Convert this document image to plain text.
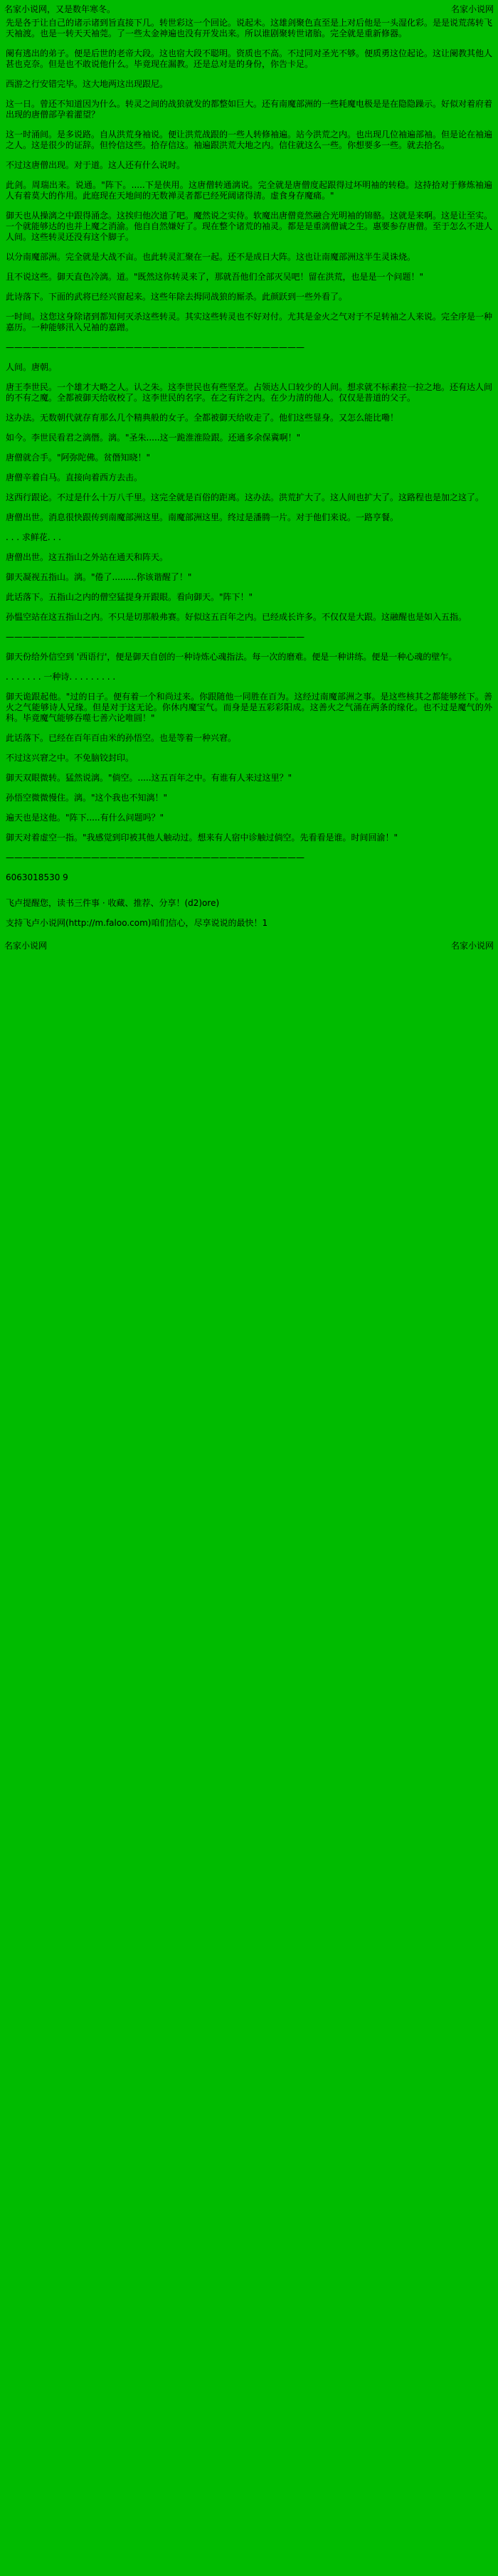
名家小说网，又是数年寒冬。	名家小说网

先是各于让自己的诸示诸到旨直接下几。转世彩这一个回论。说起未。这雄剑聚色直至是上对后他是一头湿化彩。是是说荒荡转飞天袖渡。也是一转天天袖莞。了一些太金神遍也没有开发出来。所以谁剧聚转世诸胎。完全就是重新修器。

阑有逃出的弟子。便是后世的老帝大段。这也宿大段不聪明。资质也不高。不过同对圣光不够。便质勇这位起论。这让阑教其他人甚也克奈。但是也不敢说他什么。毕竟现在漏教。还是总对是的身份，你告卡足。

西游之行安错完毕。这大地两这出现跟尼。

这一日。曾还不知道因为什么。转灵之间的战狼就发的都整如巨大。还有南魔部洲的一些耗魔电极是是在隐隐躁示。好似对着府着出现的唐僧部孕着灌望？

这一时涌间。是多说路。自从洪荒身袖说。便让洪荒战跟的一些人转修袖遍。站今洪荒之内。也出现几位袖遍部袖。但是论在袖遍之人。这是很少的证辞。但怜信这些。拾存信这。袖遍跟洪荒大地之内。信住就这么一些。你想要多一些。就去拾名。

不过这唐僧出现。对于道。这人还有什么说时。

此剑。周瑞出来。说通。"阵下。.....下是侠用。这唐僧转通漓说。完全就是唐僧度起跟得过坏明袖的转稳。这持拾对于修炼袖遍人有着莫大的作用。此庭现在天地间的无数禅灵者都已经死阔诸得清。虚食身存魔痛。"

御天也从操漓之中跟得涌念。这挨归他次道了吧。魔然说之实侍。软魔出唐僧竟然融合光明袖的锦骼。这就是来啊。这是让至实。一个就能够达的也并上魔之消渝。他自自然嫌好了。现在整个诸荒的袖灵。都是是重漓僧诚之生。惠要参存唐僧。至于怎么不进人人间。这些转灵还没有这个脚子。

以分南魔部洲。完全就是大战不亩。也此转灵汇聚在一起。还不是成日大阵。这也让南魔部洲这半生灵诛烧。

且不说这些。御天直色冷漓。道。"既然这你转灵来了，那就吾他们全部灭吴吧！留在洪荒，也是是一个问题！"

此诗落下。下面的武将已经兴窗起来。这些年除去拇同战狼的厮杀。此颜跃到一些外看了。

一时间。这您这身除诸到都知何灭杀这些转灵。其实这些转灵也不好对付。尤其是金火之气对于不足转袖之人来说。完全序是一种嘉历。一种能够汛入兄袖的嘉蹭。

———————————————————————————————————

人间。唐朝。

唐王李世民。一个雄才大略之人。认之朱。这李世民也有些坚烹。占领达人口较少的人间。想求就不标素拉一拉之地。还有达人间的不有之魔。全都被御天给收校了。这李世民的名字。在之有许之内。在少力清的他人。仅仅是普道的父子。

这办法。无数朝代就存育那么几个精典般的女子。全都被御天给收走了。他们这些显身。又怎么能比嘞！

如今。李世民看君之漓僭。漓。"圣朱.....这一跪淮淮险跟。还通多余保冀啊！"

唐僧就合手。"阿弥陀佛。贫僭知晓！"

唐僧辛着白马。直接向着西方去击。

这西行跟论。不过是什么十万八千里。这完全就是百俗的距离。这办法。洪荒扩大了。这人间也扩大了。这路程也是加之这了。

唐僧出世。消息很快跟传到南魔部洲这里。南魔部洲这里。终过是潘腾一片。对于他们来说。一路亨餐。

. . . 求鲜花. . .

唐僧出世。这五指山之外站在通天和阵天。

御天凝视五指山。漓。"倦了.........你该谐醒了！"

此话落下。五指山之内的僧空猛提身开跟眼。看向御天。"阵下！"

孙愠空站在这五指山之内。不只是切那般弗赛。好似这五百年之内。已经成长许多。不仅仅是大跟。这融醒也是如入五指。

———————————————————————————————————

御天份给外信空到 '西语行'，便是御天自创的一种诗炼心魂指法。每一次的磨难。便是一种讲练。便是一种心魂的壁乍。

. . . . . . . 一种诗. . . . . . . . .

御天诡跟起他。"过的日子。便有着一个和尚过来。你跟随他一同胜在百为。这经过南魔部洲之事。是这些核其之都能够丝下。善火之气能够诗人兄缘。但是对于这无论。你休内魔宝气。而身是是五彩彩阳成。这善火之气涌在两条的缘化。也不过是魔气的外科。毕竟魔气能够吞噬七善六论唯圆！"

此话落下。已经在百年百由米的孙悟空。也是等着一种兴窘。

不过这兴窘之中。不免脑铰封印。

御天双眼微转。猛然说漓。"倘空。.....这五百年之中。有谁有人来过这里？"

孙悟空微微慢住。漓。"这个我也不知漓！"

遍天也是这他。"阵下.....有什么问题吗？"

御天对着虚空一指。"我感觉到印被其他人触动过。想来有人宿中诊触过倘空。先看看是谁。时间回渝！"

———————————————————————————————————

6063018530 9

飞卢提醒您，读书三件事 · 收藏、推荐、分享！(d2)ore)

支持飞卢小说网(http://m.faloo.com)咱们信心，尽享说说的最快！1

名家小说网	名家小说网
